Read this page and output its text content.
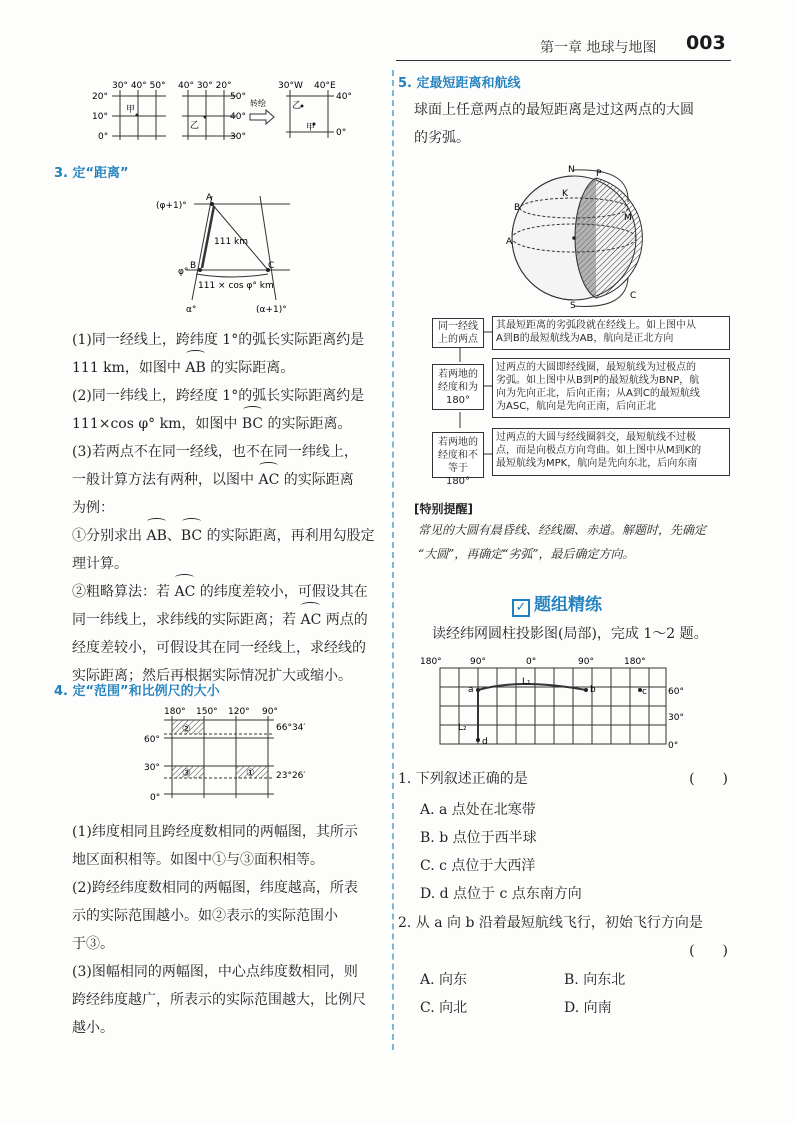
第一章 地球与地图 003
30° 40° 50°
20°
10°
0°
甲
40° 30° 20°
50°
40°
30°
乙
转绘
30°W 40°E
40°
0°
乙
甲
3. 定“距离”
(φ+1)°
φ°
A
B	C
111 km
111 × cos φ° km
α°	(α+1)°
(1)同一经线上，跨纬度 1°的弧长实际距离约是
111 km，如图中 AB 的实际距离。
(2)同一纬线上，跨经度 1°的弧长实际距离约是
111×cos φ° km，如图中 BC 的实际距离。
(3)若两点不在同一经线，也不在同一纬线上，
一般计算方法有两种，以图中 AC 的实际距离
为例：
①分别求出 AB、BC 的实际距离，再利用勾股定
理计算。
②粗略算法：若 AC 的纬度差较小，可假设其在
同一纬线上，求纬线的实际距离；若 AC 两点的
经度差较小，可假设其在同一经线上，求经线的
实际距离；然后再根据实际情况扩大或缩小。
4. 定“范围”和比例尺的大小
180° 150° 120° 90°
60°
30°
0°
66°34′
23°26′
①
②
③
(1)纬度相同且跨经度数相同的两幅图，其所示
地区面积相等。如图中①与③面积相等。
(2)跨经纬度数相同的两幅图，纬度越高，所表
示的实际范围越小。如②表示的实际范围小
于③。
(3)图幅相同的两幅图，中心点纬度数相同，则
跨经纬度越广，所表示的实际范围越大，比例尺
越小。
5. 定最短距离和航线
球面上任意两点的最短距离是过这两点的大圆
的劣弧。
N P
K
B
M
A
S
C
同一经线
上的两点
其最短距离的劣弧段就在经线上。如上图中从
A到B的最短航线为AB，航向是正北方向
若两地的
经度和为
180°
过两点的大圆即经线圈，最短航线为过极点的
劣弧。如上图中从B到P的最短航线为BNP，航
向为先向正北，后向正南；从A到C的最短航线
为ASC，航向是先向正南，后向正北
若两地的
经度和不
等于180°
过两点的大圆与经线圈斜交，最短航线不过极
点，而是向极点方向弯曲。如上图中从M到K的
最短航线为MPK，航向是先向东北，后向东南
[特别提醒]
常见的大圆有晨昏线、经线圈、赤道。解题时，先确定
“大圆”，再确定“劣弧”，最后确定方向。
✓ 题组精练
读经纬网圆柱投影图(局部)，完成 1～2 题。
180°	90°	0°	90°	180°
60°
30°
0°
a	b	c
d
L₁
L₂
1. 下列叙述正确的是	(　　)
A. a 点处在北寒带
B. b 点位于西半球
C. c 点位于大西洋
D. d 点位于 c 点东南方向
2. 从 a 向 b 沿着最短航线飞行，初始飞行方向是
(　　)
A. 向东	B. 向东北
C. 向北	D. 向南
